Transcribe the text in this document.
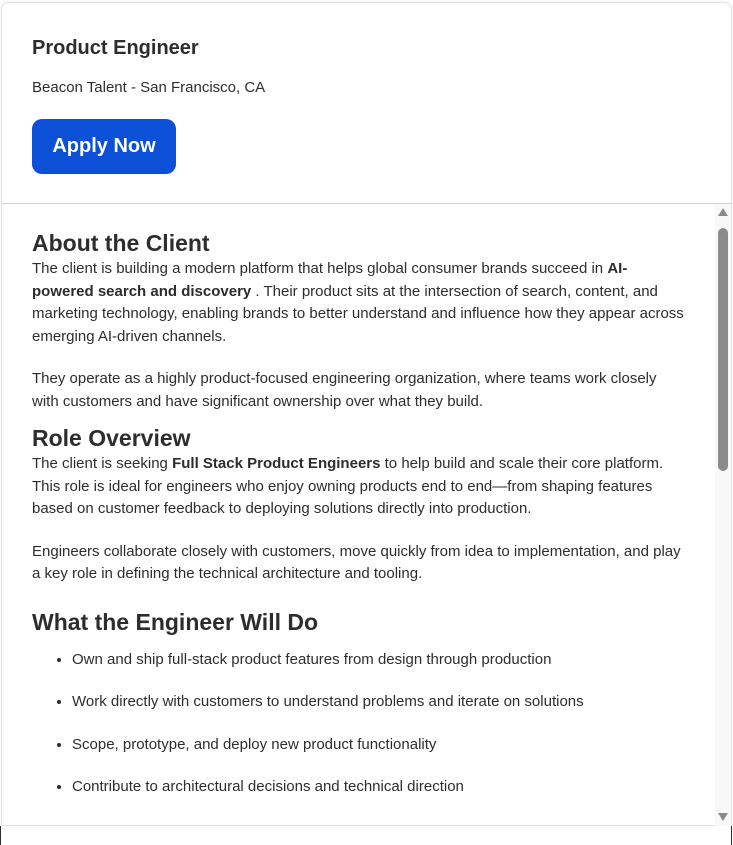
Product Engineer

Beacon Talent - San Francisco, CA

Apply Now
About the Client

The client is building a modern platform that helps global consumer brands succeed in AI-powered search and discovery . Their product sits at the intersection of search, content, and marketing technology, enabling brands to better understand and influence how they appear across emerging AI-driven channels.

They operate as a highly product-focused engineering organization, where teams work closely with customers and have significant ownership over what they build.

Role Overview

The client is seeking Full Stack Product Engineers to help build and scale their core platform. This role is ideal for engineers who enjoy owning products end to end—from shaping features based on customer feedback to deploying solutions directly into production.

Engineers collaborate closely with customers, move quickly from idea to implementation, and play a key role in defining the technical architecture and tooling.

What the Engineer Will Do
• Own and ship full-stack product features from design through production
• Work directly with customers to understand problems and iterate on solutions
• Scope, prototype, and deploy new product functionality
• Contribute to architectural decisions and technical direction
